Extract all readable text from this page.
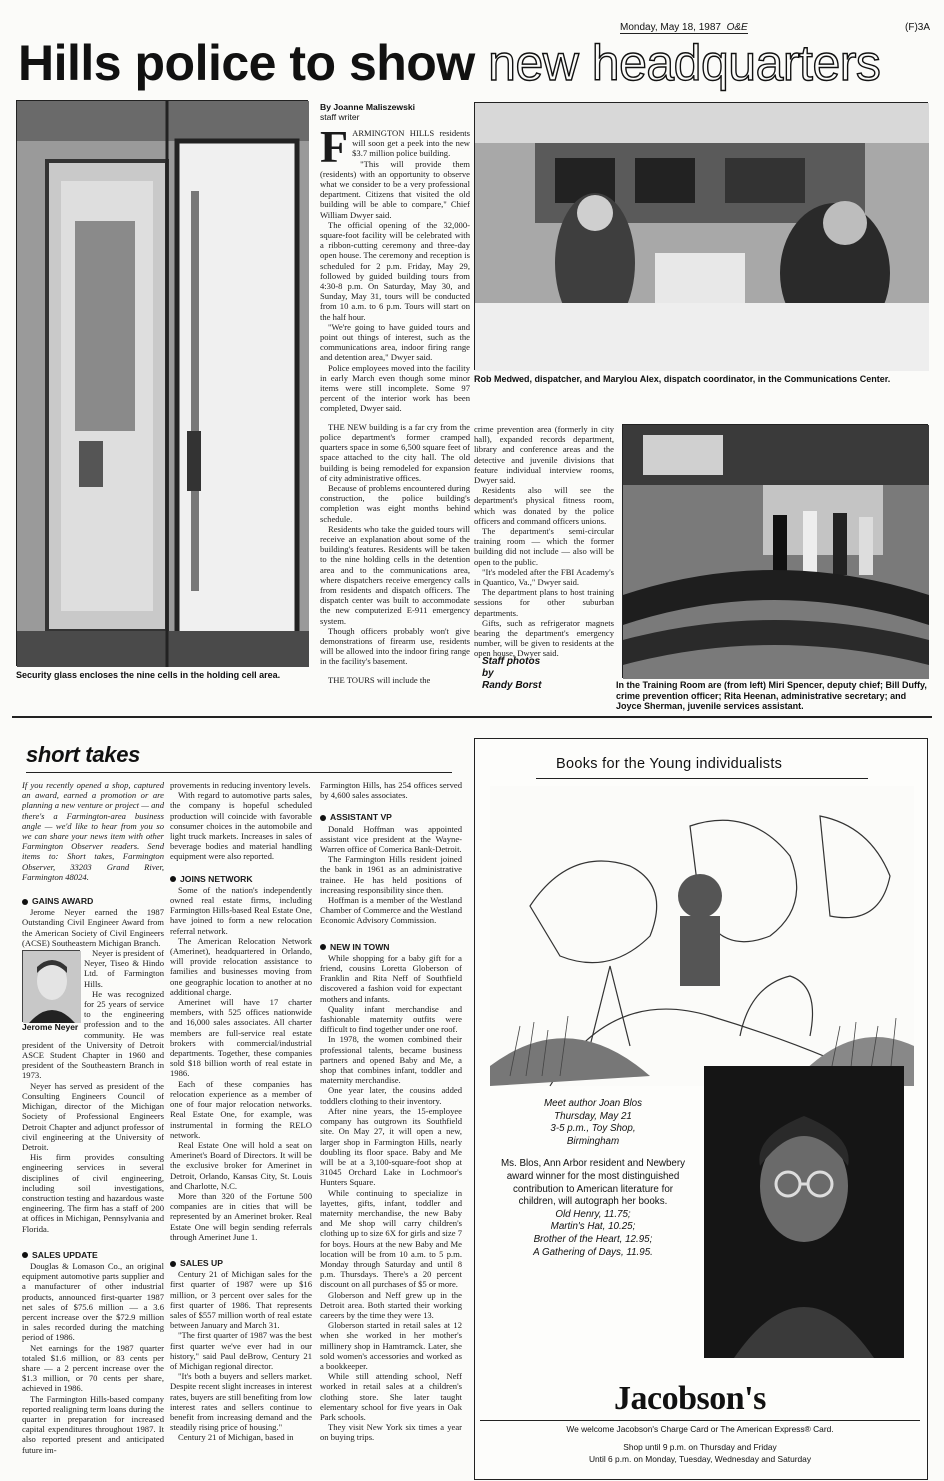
Monday, May 18, 1987 O&E	(F)3A
Hills police to show new headquarters
Security glass encloses the nine cells in the holding cell area.
By Joanne Maliszewski
staff writer

FARMINGTON HILLS residents will soon get a peek into the new $3.7 million police building.

"This will provide them (residents) with an opportunity to observe what we consider to be a very professional department. Citizens that visited the old building will be able to compare," Chief William Dwyer said.

The official opening of the 32,000-square-foot facility will be celebrated with a ribbon-cutting ceremony and three-day open house. The ceremony and reception is scheduled for 2 p.m. Friday, May 29, followed by guided building tours from 4:30-8 p.m. On Saturday, May 30, and Sunday, May 31, tours will be conducted from 10 a.m. to 6 p.m. Tours will start on the half hour.

"We're going to have guided tours and point out things of interest, such as the communications area, indoor firing range and detention area," Dwyer said.

Police employees moved into the facility in early March even though some minor items were still incomplete. Some 97 percent of the interior work has been completed, Dwyer said.

THE NEW building is a far cry from the police department's former cramped quarters space in some 6,500 square feet of space attached to the city hall. The old building is being remodeled for expansion of city administrative offices.

Because of problems encountered during construction, the police building's completion was eight months behind schedule.

Residents who take the guided tours will receive an explanation about some of the building's features. Residents will be taken to the nine holding cells in the detention area and to the communications area, where dispatchers receive emergency calls from residents and dispatch officers. The dispatch center was built to accommodate the new computerized E-911 emergency system.

Though officers probably won't give demonstrations of firearm use, residents will be allowed into the indoor firing range in the facility's basement.

THE TOURS will include the

Rob Medwed, dispatcher, and Marylou Alex, dispatch coordinator, in the Communications Center.

crime prevention area (formerly in city hall), expanded records department, library and conference areas and the detective and juvenile divisions that feature individual interview rooms, Dwyer said.

Residents also will see the department's physical fitness room, which was donated by the police officers and command officers unions.

The department's semi-circular training room — which the former building did not include — also will be open to the public.

"It's modeled after the FBI Academy's in Quantico, Va.," Dwyer said.

The department plans to host training sessions for other suburban departments.

Gifts, such as refrigerator magnets bearing the department's emergency number, will be given to residents at the open house, Dwyer said.

Staff photos
by
Randy Borst	In the Training Room are (from left) Miri Spencer, deputy chief; Bill Duffy, crime prevention officer; Rita Heenan, administrative secretary; and Joyce Sherman, juvenile services assistant.
short takes

If you recently opened a shop, captured an award, earned a promotion or are planning a new venture or project — and there's a Farmington-area business angle — we'd like to hear from you so we can share your news item with other Farmington Observer readers. Send items to: Short takes, Farmington Observer, 33203 Grand River, Farmington 48024.

GAINS AWARD

Jerome Neyer earned the 1987 Outstanding Civil Engineer Award from the American Society of Civil Engineers (ACSE) Southeastern Michigan Branch.

Jerome Neyer

Neyer is president of Neyer, Tiseo & Hindo Ltd. of Farmington Hills.

He was recognized for 25 years of service to the engineering profession and to the community. He was president of the University of Detroit ASCE Student Chapter in 1960 and president of the Southeastern Branch in 1973.

Neyer has served as president of the Consulting Engineers Council of Michigan, director of the Michigan Society of Professional Engineers Detroit Chapter and adjunct professor of civil engineering at the University of Detroit.

His firm provides consulting engineering services in several disciplines of civil engineering, including soil investigations, construction testing and hazardous waste engineering. The firm has a staff of 200 at offices in Michigan, Pennsylvania and Florida.

SALES UPDATE

Douglas & Lomason Co., an original equipment automotive parts supplier and a manufacturer of other industrial products, announced first-quarter 1987 net sales of $75.6 million — a 3.6 percent increase over the $72.9 million in sales recorded during the matching period of 1986.

Net earnings for the 1987 quarter totaled $1.6 million, or 83 cents per share — a 2 percent increase over the $1.3 million, or 70 cents per share, achieved in 1986.

The Farmington Hills-based company reported realigning term loans during the quarter in preparation for increased capital expenditures throughout 1987. It also reported present and anticipated future im-

provements in reducing inventory levels.

With regard to automotive parts sales, the company is hopeful scheduled production will coincide with favorable consumer choices in the automobile and light truck markets. Increases in sales of beverage bodies and material handling equipment were also reported.

JOINS NETWORK

Some of the nation's independently owned real estate firms, including Farmington Hills-based Real Estate One, have joined to form a new relocation referral network.

The American Relocation Network (Amerinet), headquartered in Orlando, will provide relocation assistance to families and businesses moving from one geographic location to another at no additional charge.

Amerinet will have 17 charter members, with 525 offices nationwide and 16,000 sales associates. All charter members are full-service real estate brokers with commercial/industrial departments. Together, these companies sold $18 billion worth of real estate in 1986.

Each of these companies has relocation experience as a member of one of four major relocation networks. Real Estate One, for example, was instrumental in forming the RELO network.

Real Estate One will hold a seat on Amerinet's Board of Directors. It will be the exclusive broker for Amerinet in Detroit, Orlando, Kansas City, St. Louis and Charlotte, N.C.

More than 320 of the Fortune 500 companies are in cities that will be represented by an Amerinet broker. Real Estate One will begin sending referrals through Amerinet June 1.

SALES UP

Century 21 of Michigan sales for the first quarter of 1987 were up $16 million, or 3 percent over sales for the first quarter of 1986. That represents sales of $557 million worth of real estate between January and March 31.

"The first quarter of 1987 was the best first quarter we've ever had in our history," said Paul deBrow, Century 21 of Michigan regional director.

"It's both a buyers and sellers market. Despite recent slight increases in interest rates, buyers are still benefiting from low interest rates and sellers continue to benefit from increasing demand and the steadily rising price of housing."

Century 21 of Michigan, based in

Farmington Hills, has 254 offices served by 4,600 sales associates.

ASSISTANT VP

Donald Hoffman was appointed assistant vice president at the Wayne-Warren office of Comerica Bank-Detroit.

The Farmington Hills resident joined the bank in 1961 as an administrative trainee. He has held positions of increasing responsibility since then.

Hoffman is a member of the Westland Chamber of Commerce and the Westland Economic Advisory Commission.

NEW IN TOWN

While shopping for a baby gift for a friend, cousins Loretta Globerson of Franklin and Rita Neff of Southfield discovered a fashion void for expectant mothers and infants.

Quality infant merchandise and fashionable maternity outfits were difficult to find together under one roof.

In 1978, the women combined their professional talents, became business partners and opened Baby and Me, a shop that combines infant, toddler and maternity merchandise.

One year later, the cousins added toddlers clothing to their inventory.

After nine years, the 15-employee company has outgrown its Southfield site. On May 27, it will open a new, larger shop in Farmington Hills, nearly doubling its floor space. Baby and Me will be at a 3,100-square-foot shop at 31045 Orchard Lake in Lochmoor's Hunters Square.

While continuing to specialize in layettes, gifts, infant, toddler and maternity merchandise, the new Baby and Me shop will carry children's clothing up to size 6X for girls and size 7 for boys. Hours at the new Baby and Me location will be from 10 a.m. to 5 p.m. Monday through Saturday and until 8 p.m. Thursdays. There's a 20 percent discount on all purchases of $5 or more.

Globerson and Neff grew up in the Detroit area. Both started their working careers by the time they were 13.

Globerson started in retail sales at 12 when she worked in her mother's millinery shop in Hamtramck. Later, she sold women's accessories and worked as a bookkeeper.

While still attending school, Neff worked in retail sales at a children's clothing store. She later taught elementary school for five years in Oak Park schools.

They visit New York six times a year on buying trips.

Books for the Young individualists
Meet author Joan Blos
Thursday, May 21
3-5 p.m., Toy Shop,
Birmingham
Ms. Blos, Ann Arbor resident and Newbery award winner for the most distinguished contribution to American literature for children, will autograph her books.
Old Henry, 11.75;
Martin's Hat, 10.25;
Brother of the Heart, 12.95;
A Gathering of Days, 11.95.
Jacobson's
We welcome Jacobson's Charge Card or The American Express® Card.
Shop until 9 p.m. on Thursday and Friday
Until 6 p.m. on Monday, Tuesday, Wednesday and Saturday
